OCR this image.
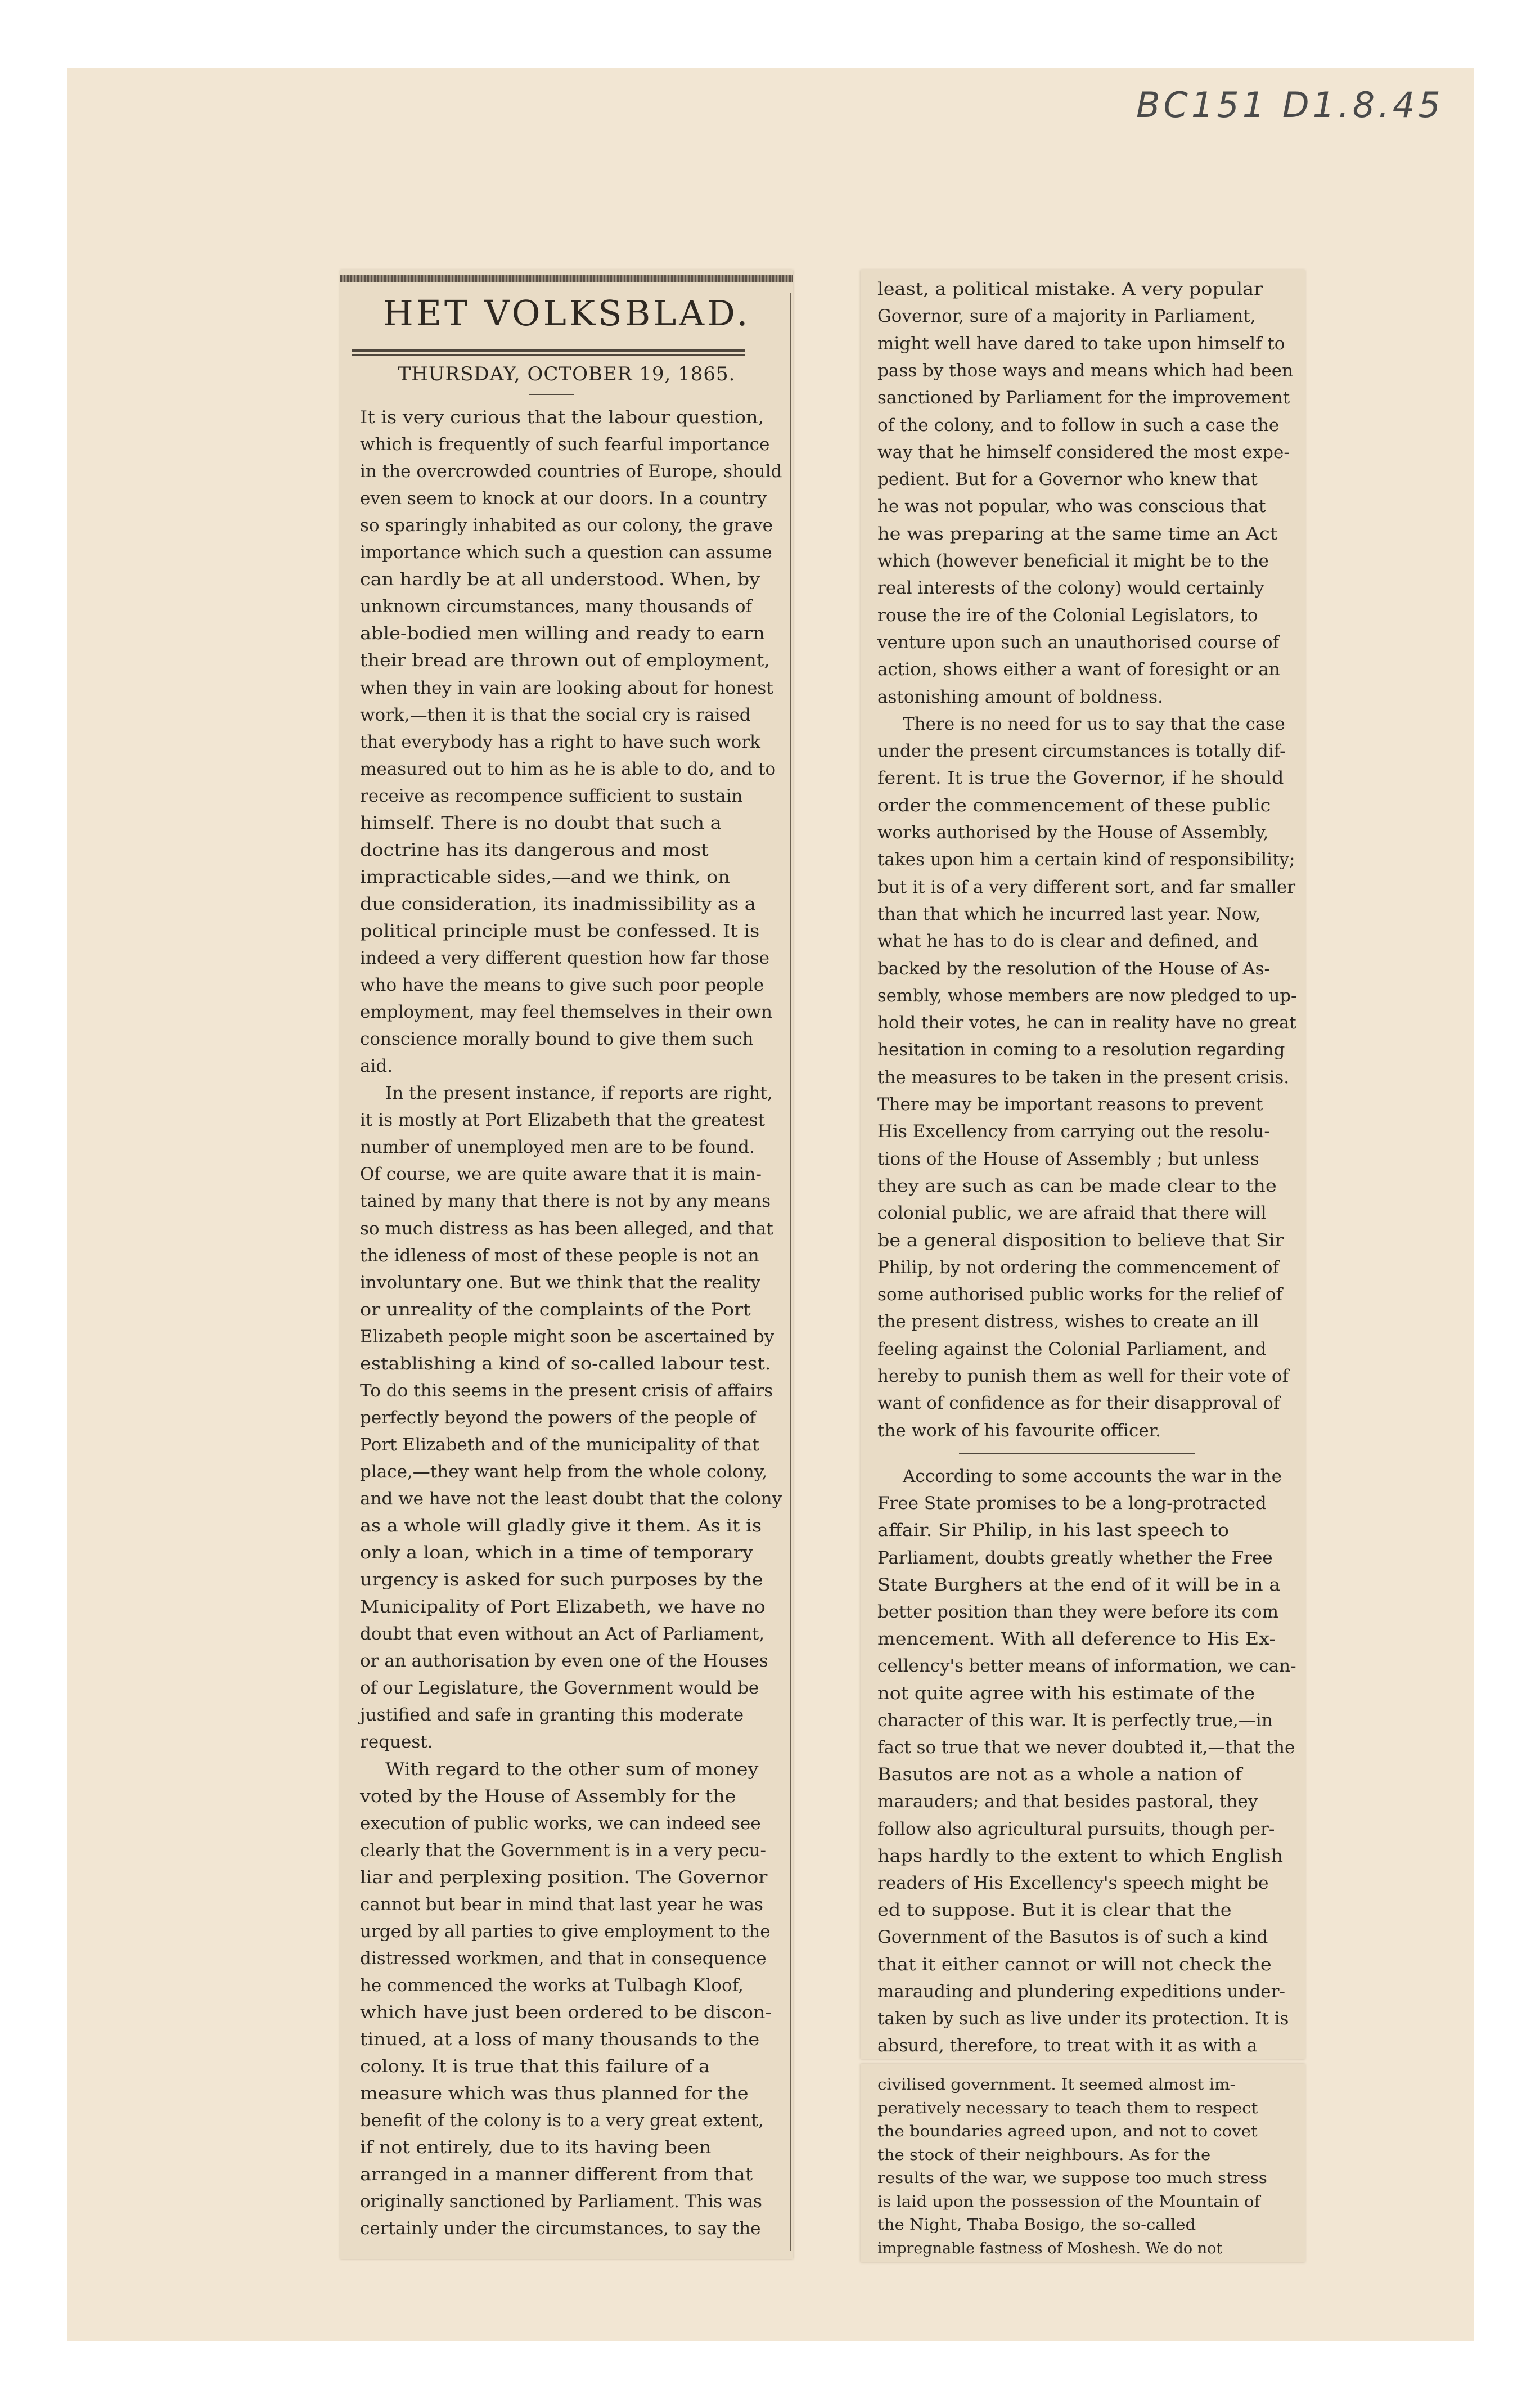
BC151 D1.8.45
HET VOLKSBLAD.
THURSDAY, OCTOBER 19, 1865.
It is very curious that the labour question,
which is frequently of such fearful importance
in the overcrowded countries of Europe, should
even seem to knock at our doors. In a country
so sparingly inhabited as our colony, the grave
importance which such a question can assume
can hardly be at all understood. When, by
unknown circumstances, many thousands of
able-bodied men willing and ready to earn
their bread are thrown out of employment,
when they in vain are looking about for honest
work,—then it is that the social cry is raised
that everybody has a right to have such work
measured out to him as he is able to do, and to
receive as recompence sufficient to sustain
himself. There is no doubt that such a
doctrine has its dangerous and most
impracticable sides,—and we think, on
due consideration, its inadmissibility as a
political principle must be confessed. It is
indeed a very different question how far those
who have the means to give such poor people
employment, may feel themselves in their own
conscience morally bound to give them such
aid.
In the present instance, if reports are right,
it is mostly at Port Elizabeth that the greatest
number of unemployed men are to be found.
Of course, we are quite aware that it is main-
tained by many that there is not by any means
so much distress as has been alleged, and that
the idleness of most of these people is not an
involuntary one. But we think that the reality
or unreality of the complaints of the Port
Elizabeth people might soon be ascertained by
establishing a kind of so-called labour test.
To do this seems in the present crisis of affairs
perfectly beyond the powers of the people of
Port Elizabeth and of the municipality of that
place,—they want help from the whole colony,
and we have not the least doubt that the colony
as a whole will gladly give it them. As it is
only a loan, which in a time of temporary
urgency is asked for such purposes by the
Municipality of Port Elizabeth, we have no
doubt that even without an Act of Parliament,
or an authorisation by even one of the Houses
of our Legislature, the Government would be
justified and safe in granting this moderate
request.
With regard to the other sum of money
voted by the House of Assembly for the
execution of public works, we can indeed see
clearly that the Government is in a very pecu-
liar and perplexing position. The Governor
cannot but bear in mind that last year he was
urged by all parties to give employment to the
distressed workmen, and that in consequence
he commenced the works at Tulbagh Kloof,
which have just been ordered to be discon-
tinued, at a loss of many thousands to the
colony. It is true that this failure of a
measure which was thus planned for the
benefit of the colony is to a very great extent,
if not entirely, due to its having been
arranged in a manner different from that
originally sanctioned by Parliament. This was
certainly under the circumstances, to say the
least, a political mistake. A very popular
Governor, sure of a majority in Parliament,
might well have dared to take upon himself to
pass by those ways and means which had been
sanctioned by Parliament for the improvement
of the colony, and to follow in such a case the
way that he himself considered the most expe-
pedient. But for a Governor who knew that
he was not popular, who was conscious that
he was preparing at the same time an Act
which (however beneficial it might be to the
real interests of the colony) would certainly
rouse the ire of the Colonial Legislators, to
venture upon such an unauthorised course of
action, shows either a want of foresight or an
astonishing amount of boldness.
There is no need for us to say that the case
under the present circumstances is totally dif-
ferent. It is true the Governor, if he should
order the commencement of these public
works authorised by the House of Assembly,
takes upon him a certain kind of responsibility;
but it is of a very different sort, and far smaller
than that which he incurred last year. Now,
what he has to do is clear and defined, and
backed by the resolution of the House of As-
sembly, whose members are now pledged to up-
hold their votes, he can in reality have no great
hesitation in coming to a resolution regarding
the measures to be taken in the present crisis.
There may be important reasons to prevent
His Excellency from carrying out the resolu-
tions of the House of Assembly ; but unless
they are such as can be made clear to the
colonial public, we are afraid that there will
be a general disposition to believe that Sir
Philip, by not ordering the commencement of
some authorised public works for the relief of
the present distress, wishes to create an ill
feeling against the Colonial Parliament, and
hereby to punish them as well for their vote of
want of confidence as for their disapproval of
the work of his favourite officer.
According to some accounts the war in the
Free State promises to be a long-protracted
affair. Sir Philip, in his last speech to
Parliament, doubts greatly whether the Free
State Burghers at the end of it will be in a
better position than they were before its com
mencement. With all deference to His Ex-
cellency's better means of information, we can-
not quite agree with his estimate of the
character of this war. It is perfectly true,—in
fact so true that we never doubted it,—that the
Basutos are not as a whole a nation of
marauders; and that besides pastoral, they
follow also agricultural pursuits, though per-
haps hardly to the extent to which English
readers of His Excellency's speech might be
ed to suppose. But it is clear that the
Government of the Basutos is of such a kind
that it either cannot or will not check the
marauding and plundering expeditions under-
taken by such as live under its protection. It is
absurd, therefore, to treat with it as with a
civilised government. It seemed almost im-
peratively necessary to teach them to respect
the boundaries agreed upon, and not to covet
the stock of their neighbours. As for the
results of the war, we suppose too much stress
is laid upon the possession of the Mountain of
the Night, Thaba Bosigo, the so-called
impregnable fastness of Moshesh. We do not
